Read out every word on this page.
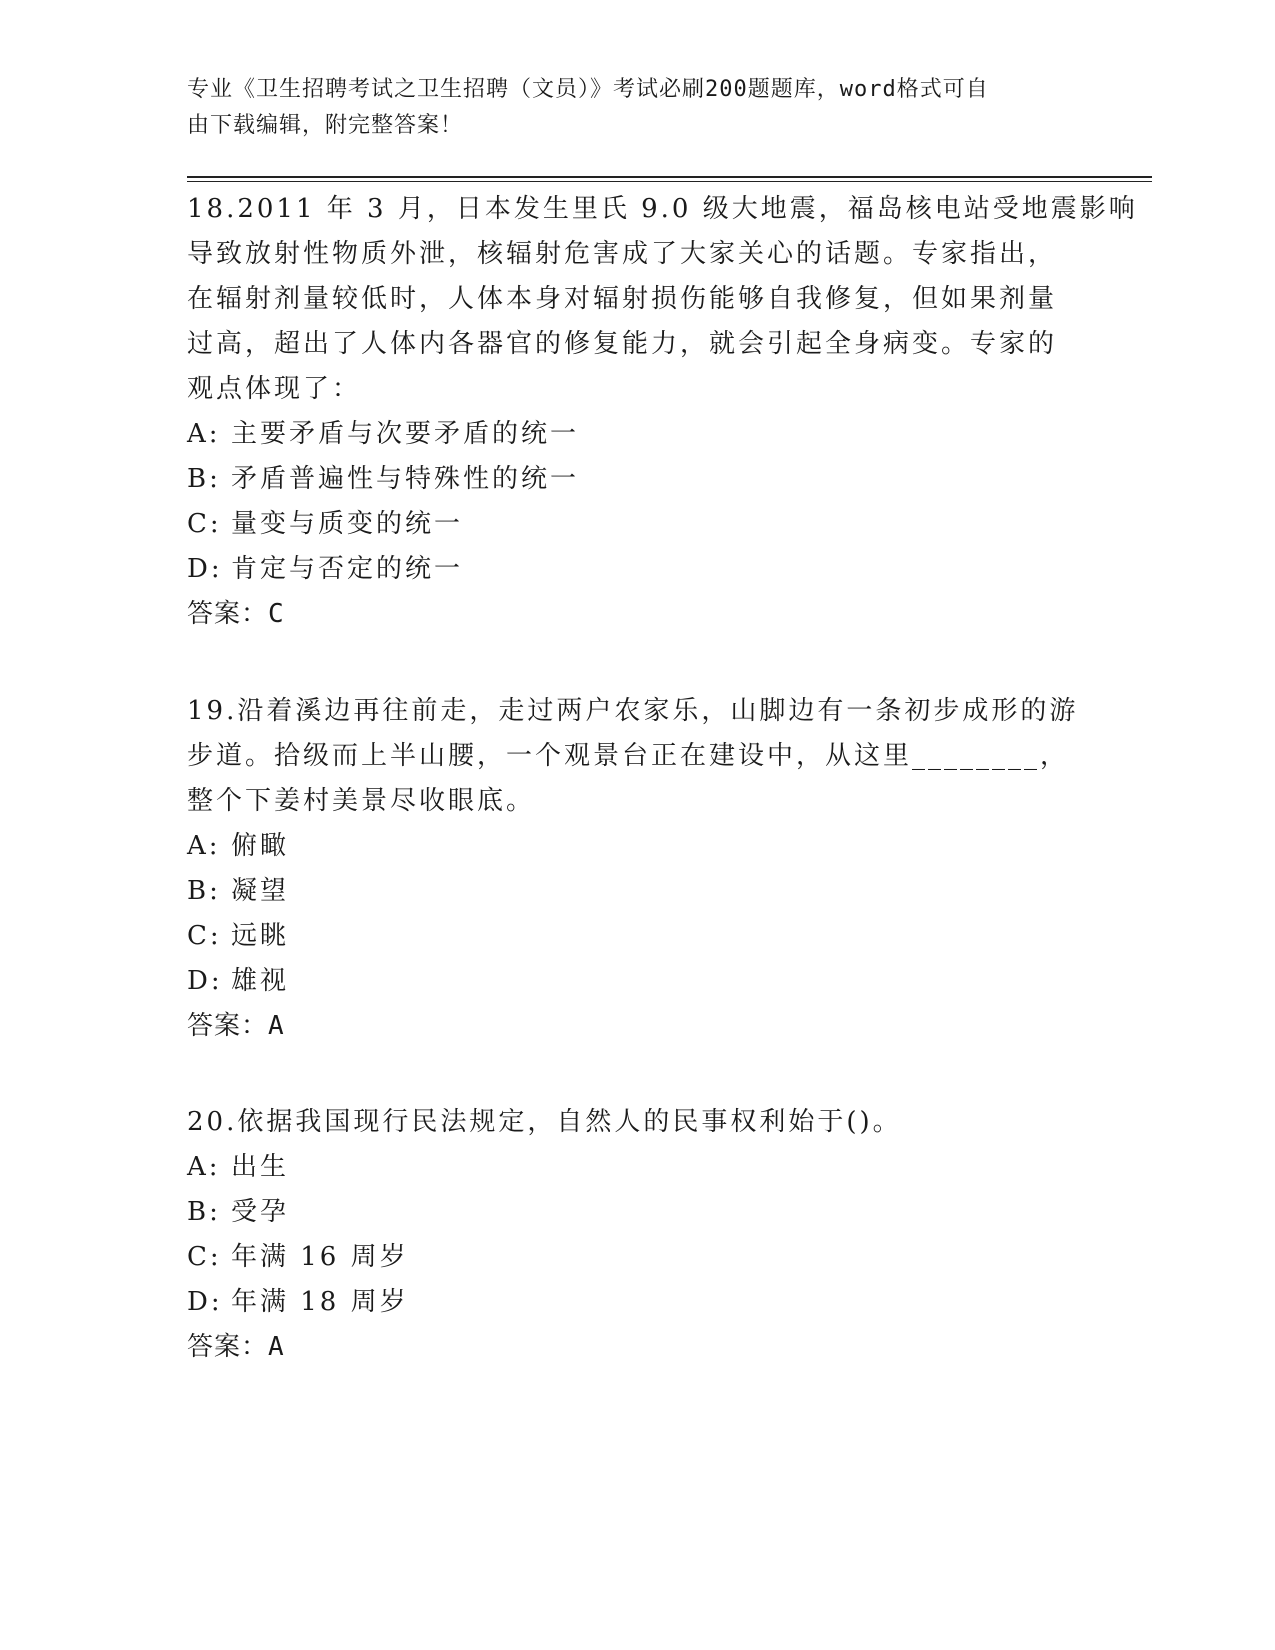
专业《卫生招聘考试之卫生招聘（文员）》考试必刷200题题库，word格式可自
由下载编辑，附完整答案！
18.2011 年 3 月，日本发生里氏 9.0 级大地震，福岛核电站受地震影响
导致放射性物质外泄，核辐射危害成了大家关心的话题。专家指出，
在辐射剂量较低时，人体本身对辐射损伤能够自我修复，但如果剂量
过高，超出了人体内各器官的修复能力，就会引起全身病变。专家的
观点体现了：
A: 主要矛盾与次要矛盾的统一
B: 矛盾普遍性与特殊性的统一
C: 量变与质变的统一
D: 肯定与否定的统一
答案：C
19.沿着溪边再往前走，走过两户农家乐，山脚边有一条初步成形的游
步道。拾级而上半山腰，一个观景台正在建设中，从这里________，
整个下姜村美景尽收眼底。
A: 俯瞰
B: 凝望
C: 远眺
D: 雄视
答案：A
20.依据我国现行民法规定，自然人的民事权利始于()。
A: 出生
B: 受孕
C: 年满 16 周岁
D: 年满 18 周岁
答案：A
